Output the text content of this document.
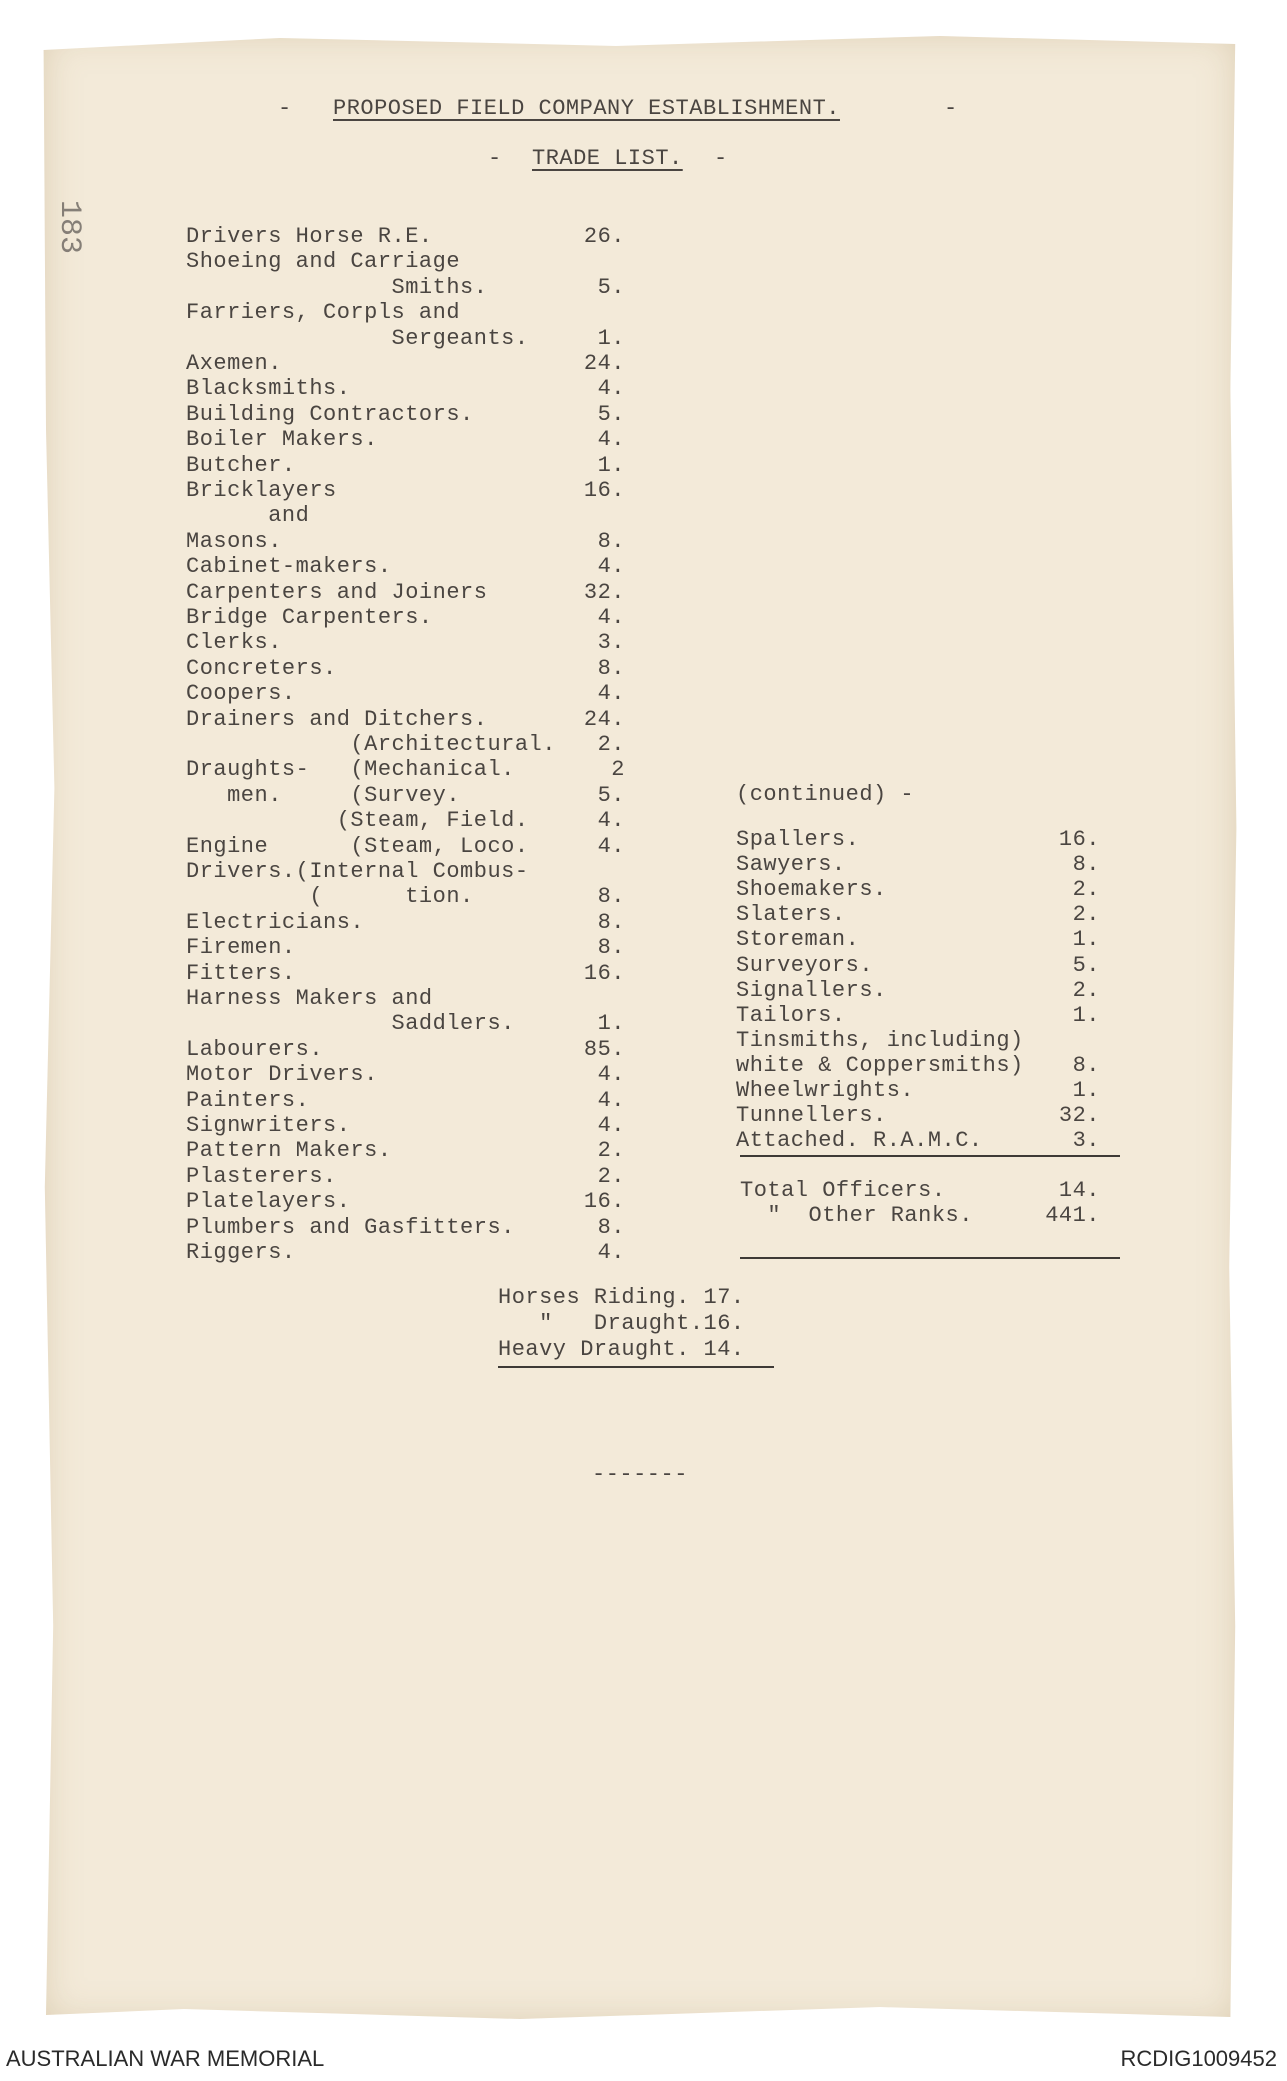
- PROPOSED FIELD COMPANY ESTABLISHMENT.	-
- TRADE LIST. -
183	Drivers Horse R.E.	26.
Shoeing and Carriage
Smiths.	5.
Farriers, Corpls and
Sergeants.	1.
Axemen.	24.
Blacksmiths.	4.
Building Contractors.	5.
Boiler Makers.	4.
Butcher.	1.
Bricklayers	16.
and
Masons.	8.
Cabinet-makers.	4.
Carpenters and Joiners	32.
Bridge Carpenters.	4.
Clerks.	3.
Concreters.	8.
Coopers.	4.
Drainers and Ditchers.	24.
(Architectural.	2.
Draughts-   (Mechanical.	2
men.     (Survey.	5.
(Steam, Field.	4.
Engine      (Steam, Loco.	4.
Drivers.(Internal Combus-
(      tion.	8.
Electricians.	8.
Firemen.	8.
Fitters.	16.
Harness Makers and
Saddlers.	1.
Labourers.	85.
Motor Drivers.	4.
Painters.	4.
Signwriters.	4.
Pattern Makers.	2.
Plasterers.	2.
Platelayers.	16.
Plumbers and Gasfitters.	8.
Riggers.	4.
(continued) -
Spallers.	16.
Sawyers.	8.
Shoemakers.	2.
Slaters.	2.
Storeman.	1.
Surveyors.	5.
Signallers.	2.
Tailors.	1.
Tinsmiths, including)
white & Coppersmiths)	8.
Wheelwrights.	1.
Tunnellers.	32.
Attached. R.A.M.C.	3.
Total Officers.	14.
"  Other Ranks.	441.
Horses Riding. 17.
"   Draught.16.
Heavy Draught. 14.
-------
AUSTRALIAN WAR MEMORIAL	RCDIG1009452
